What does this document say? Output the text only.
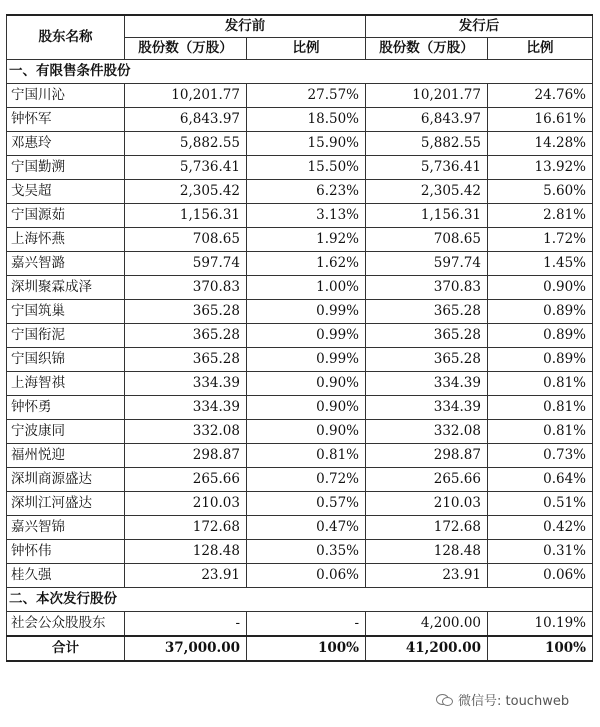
股东名称	发行前		发行后	
	股份数（万股）	比例	股份数（万股）	比例
一、有限售条件股份				
宁国川沁	10,201.77	27.57%	10,201.77	24.76%
钟怀军	6,843.97	18.50%	6,843.97	16.61%
邓惠玲	5,882.55	15.90%	5,882.55	14.28%
宁国勤溯	5,736.41	15.50%	5,736.41	13.92%
戈吴超	2,305.42	6.23%	2,305.42	5.60%
宁国源茹	1,156.31	3.13%	1,156.31	2.81%
上海怀燕	708.65	1.92%	708.65	1.72%
嘉兴智潞	597.74	1.62%	597.74	1.45%
深圳聚霖成泽	370.83	1.00%	370.83	0.90%
宁国筑巢	365.28	0.99%	365.28	0.89%
宁国衔泥	365.28	0.99%	365.28	0.89%
宁国织锦	365.28	0.99%	365.28	0.89%
上海智祺	334.39	0.90%	334.39	0.81%
钟怀勇	334.39	0.90%	334.39	0.81%
宁波康同	332.08	0.90%	332.08	0.81%
福州悦迎	298.87	0.81%	298.87	0.73%
深圳商源盛达	265.66	0.72%	265.66	0.64%
深圳江河盛达	210.03	0.57%	210.03	0.51%
嘉兴智锦	172.68	0.47%	172.68	0.42%
钟怀伟	128.48	0.35%	128.48	0.31%
桂久强	23.91	0.06%	23.91	0.06%
二、本次发行股份				
社会公众股股东	-	-	4,200.00	10.19%
合计	37,000.00	100%	41,200.00	100%
微信号: touchweb
